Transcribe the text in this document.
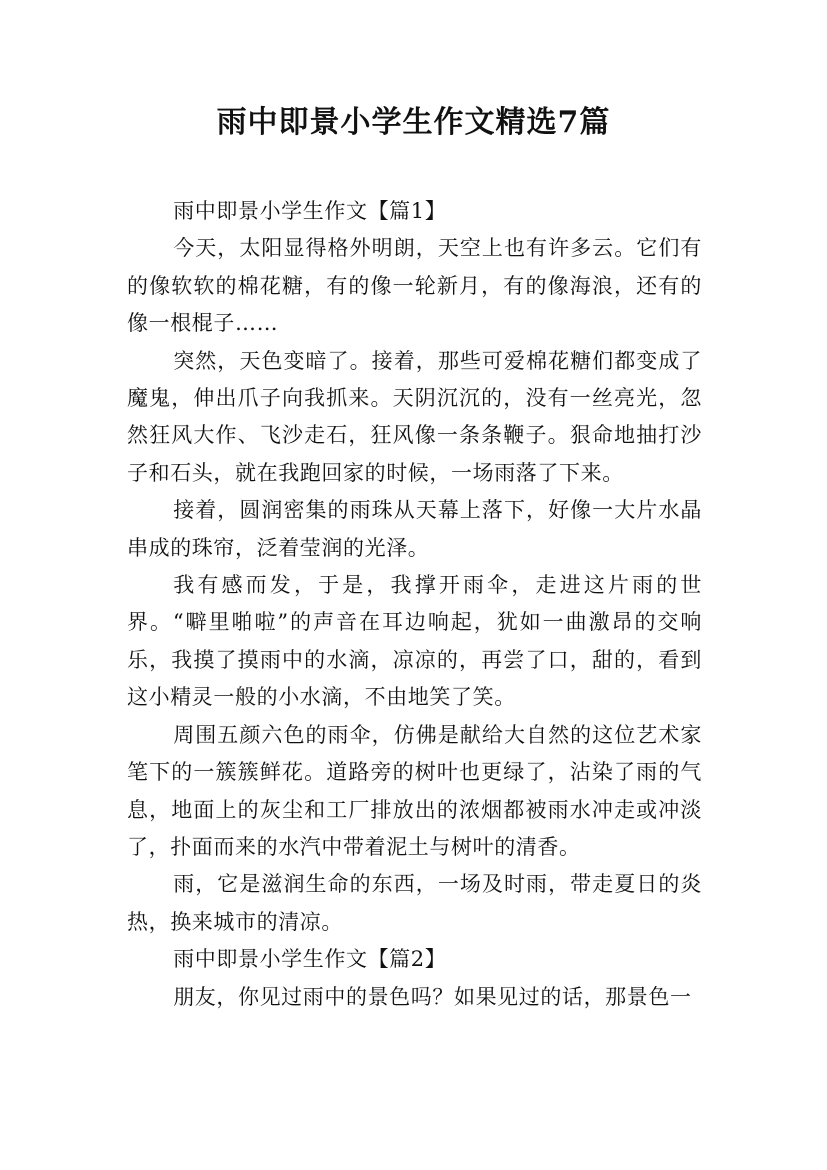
雨中即景小学生作文精选7篇

雨中即景小学生作文【篇1】

今天，太阳显得格外明朗，天空上也有许多云。它们有的像软软的棉花糖，有的像一轮新月，有的像海浪，还有的像一根棍子……

突然，天色变暗了。接着，那些可爱棉花糖们都变成了魔鬼，伸出爪子向我抓来。天阴沉沉的，没有一丝亮光，忽然狂风大作、飞沙走石，狂风像一条条鞭子。狠命地抽打沙子和石头，就在我跑回家的时候，一场雨落了下来。

接着，圆润密集的雨珠从天幕上落下，好像一大片水晶串成的珠帘，泛着莹润的光泽。

我有感而发，于是，我撑开雨伞，走进这片雨的世界。“噼里啪啦”的声音在耳边响起，犹如一曲激昂的交响乐，我摸了摸雨中的水滴，凉凉的，再尝了口，甜的，看到这小精灵一般的小水滴，不由地笑了笑。

周围五颜六色的雨伞，仿佛是献给大自然的这位艺术家笔下的一簇簇鲜花。道路旁的树叶也更绿了，沾染了雨的气息，地面上的灰尘和工厂排放出的浓烟都被雨水冲走或冲淡了，扑面而来的水汽中带着泥土与树叶的清香。

雨，它是滋润生命的东西，一场及时雨，带走夏日的炎热，换来城市的清凉。

雨中即景小学生作文【篇2】

朋友，你见过雨中的景色吗？如果见过的话，那景色一
